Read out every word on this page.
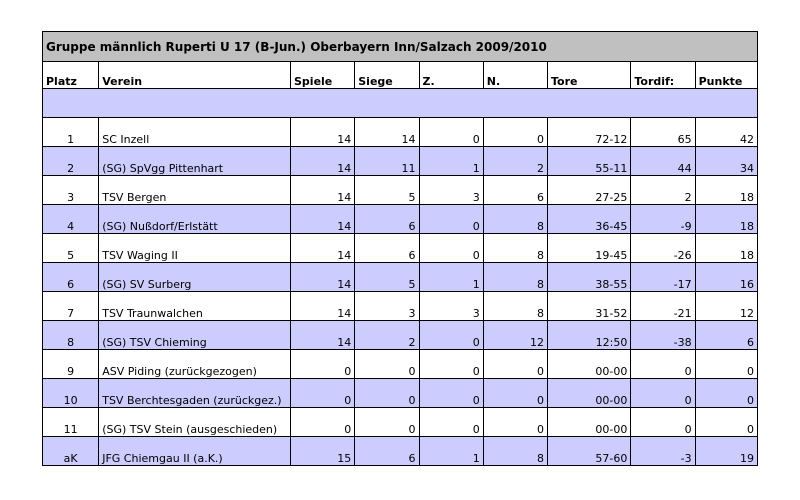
Gruppe männlich Ruperti U 17 (B-Jun.) Oberbayern Inn/Salzach 2009/2010								
Platz	Verein	Spiele	Siege	Z.	N.	Tore	Tordif:	Punkte

1	SC Inzell	14	14	0	0	72-12	65	42
2	(SG) SpVgg Pittenhart	14	11	1	2	55-11	44	34
3	TSV Bergen	14	5	3	6	27-25	2	18
4	(SG) Nußdorf/Erlstätt	14	6	0	8	36-45	-9	18
5	TSV Waging II	14	6	0	8	19-45	-26	18
6	(SG) SV Surberg	14	5	1	8	38-55	-17	16
7	TSV Traunwalchen	14	3	3	8	31-52	-21	12
8	(SG) TSV Chieming	14	2	0	12	12:50	-38	6
9	ASV Piding (zurückgezogen)	0	0	0	0	00-00	0	0
10	TSV Berchtesgaden (zurückgez.)	0	0	0	0	00-00	0	0
11	(SG) TSV Stein (ausgeschieden)	0	0	0	0	00-00	0	0
aK	JFG Chiemgau II (a.K.)	15	6	1	8	57-60	-3	19
